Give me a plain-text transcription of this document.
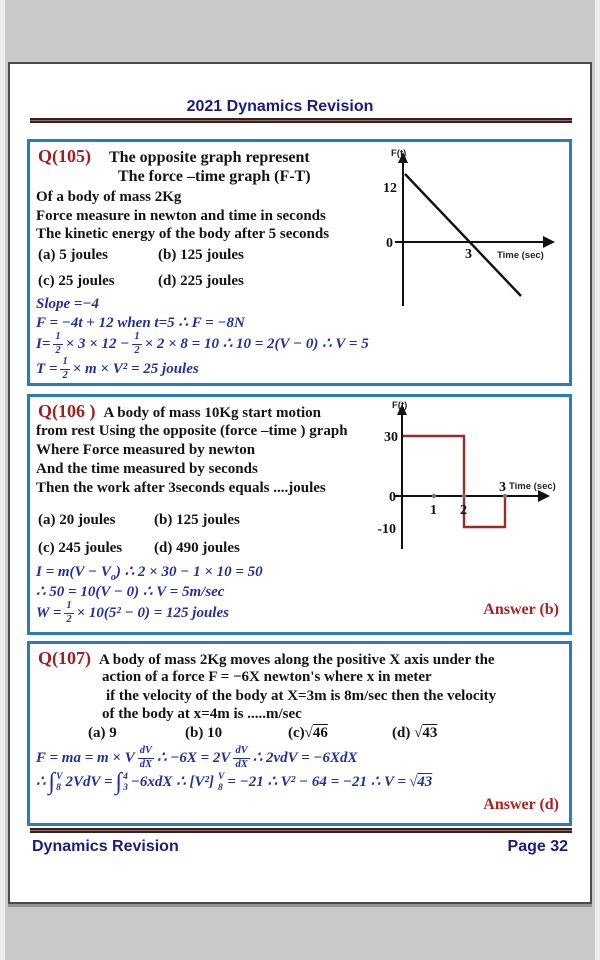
2021 Dynamics Revision
F(t)
12
0
3	Time (sec)
Q(105) The opposite graph represent
The force –time graph (F-T)
Of a body of mass 2Kg
Force measure in newton and time in seconds
The kinetic energy of the body after 5 seconds
(a) 5 joules	(b) 125 joules
(c) 25 joules	(d) 225 joules
Slope =−4
F = −4t + 12 when t=5 ∴ F = −8N
$I= \frac{1}{2} \times 3 \times 12 - \frac{1}{2} \times 2 \times 8 = 10$ ∴ 10 = 2(V − 0) ∴ V = 5
$T = \frac{1}{2} \times m \times V^2 = 25$ joules
F(t)
30
0
-10
1 2
3 Time (sec)
Q(106 ) A body of mass 10Kg start motion
from rest Using the opposite (force –time ) graph
Where Force measured by newton
And the time measured by seconds
Then the work after 3seconds equals ....joules
(a) 20 joules	(b) 125 joules
(c) 245 joules (d) 490 joules
$I = m(V - V_o)$ ∴ 2 × 30 − 1 × 10 = 50
∴ 50 = 10(V − 0) ∴ V = 5m/sec
$W = \frac{1}{2} \times 10(5^2 - 0) = 125$ joules	Answer (b)
Q(107) A body of mass 2Kg moves along the positive X axis under the
action of a force F = −6X newton's where x in meter
if the velocity of the body at X=3m is 8m/sec then the velocity
of the body at x=4m is .....m/sec
(a) 9	(b) 10	(c) √ 46	(d) √ 43
F = ma = m × V $\frac{dV}{dX}$ ∴ $-6X = 2V \frac{dV}{dX}$ ∴ 2vdV = −6XdX
∴ ∫ V
8 2VdV = ∫ 4
3 −6xdX ∴ [V²] V
8 = −21 ∴ V² − 64 = −21 ∴ V = √ 43
Answer (d)
Dynamics Revision	Page 32
